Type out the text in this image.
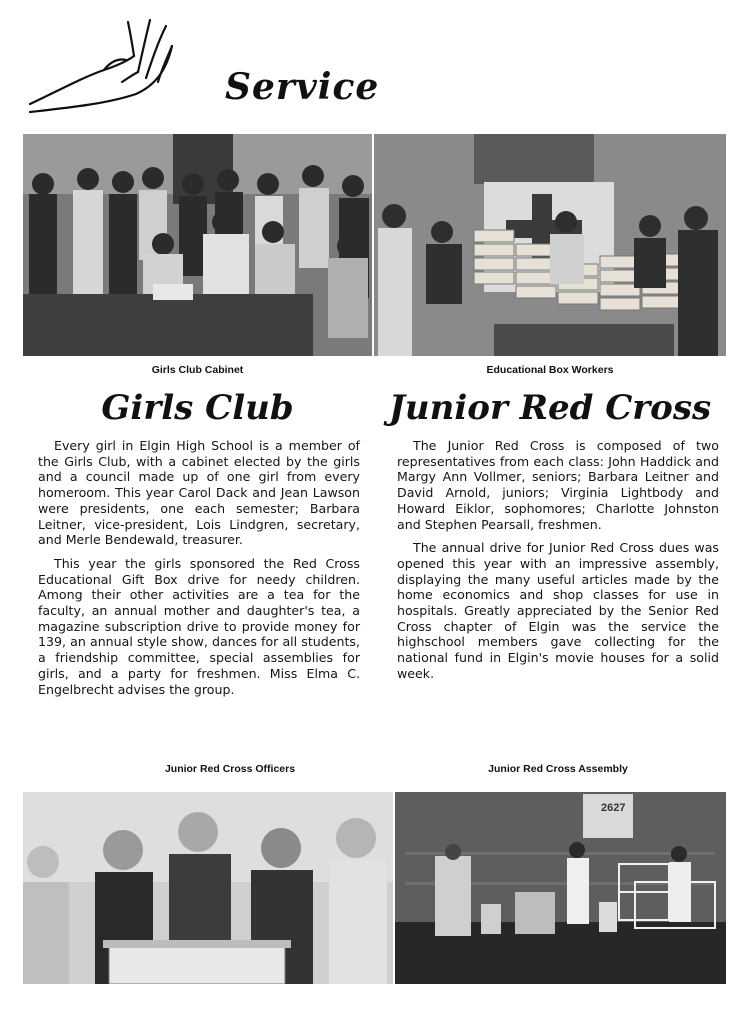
Service
Girls Club Cabinet	Educational Box Workers
Girls Club	Junior Red Cross

Every girl in Elgin High School is a member of the Girls Club, with a cabinet elected by the girls and a council made up of one girl from every homeroom. This year Carol Dack and Jean Lawson were presidents, one each semester; Barbara Leitner, vice-president, Lois Lindgren, secretary, and Merle Bendewald, treasurer.

This year the girls sponsored the Red Cross Educational Gift Box drive for needy children. Among their other activities are a tea for the faculty, an annual mother and daughter's tea, a magazine subscription drive to provide money for 139, an annual style show, dances for all students, a friendship committee, special assemblies for girls, and a party for freshmen. Miss Elma C. Engelbrecht advises the group.

The Junior Red Cross is composed of two representatives from each class: John Haddick and Margy Ann Vollmer, seniors; Barbara Leitner and David Arnold, juniors; Virginia Lightbody and Howard Eiklor, sophomores; Charlotte Johnston and Stephen Pearsall, freshmen.

The annual drive for Junior Red Cross dues was opened this year with an impressive assembly, displaying the many useful articles made by the home economics and shop classes for use in hospitals. Greatly appreciated by the Senior Red Cross chapter of Elgin was the service the highschool members gave collecting for the national fund in Elgin's movie houses for a solid week.

Junior Red Cross Officers	Junior Red Cross Assembly
2627
